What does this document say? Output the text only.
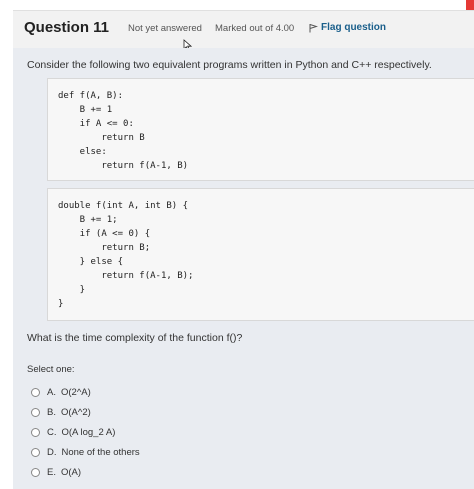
Question 11 Not yet answered Marked out of 4.00	Flag question
Consider the following two equivalent programs written in Python and C++ respectively.
def f(A, B):
B += 1
if A <= 0:
return B
else:
return f(A-1, B)
double f(int A, int B) {
B += 1;
if (A <= 0) {
return B;
} else {
return f(A-1, B);
}
}
What is the time complexity of the function f()?
Select one:
A. O(2^A)
B. O(A^2)
C. O(A log_2 A)
D. None of the others
E. O(A)
